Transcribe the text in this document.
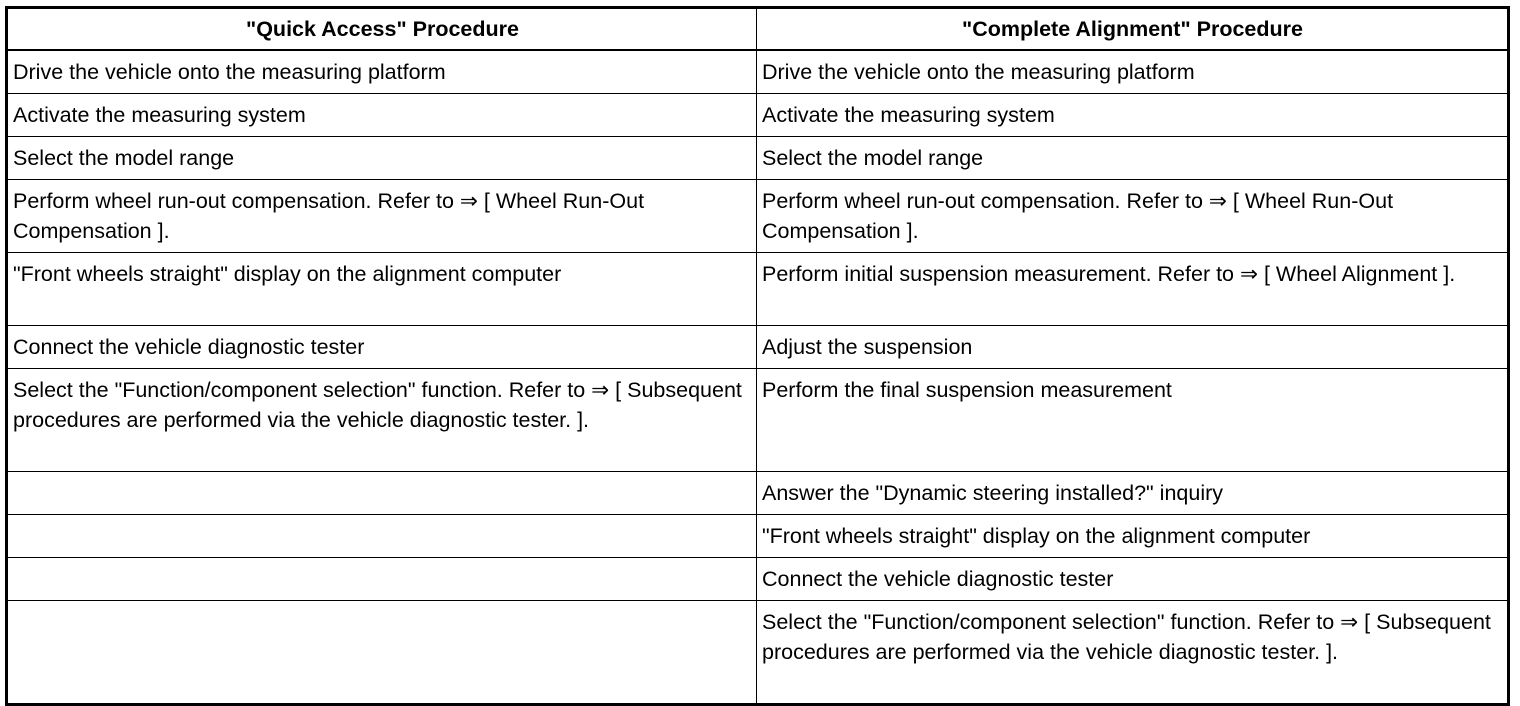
"Quick Access" Procedure	"Complete Alignment" Procedure
Drive the vehicle onto the measuring platform	Drive the vehicle onto the measuring platform
Activate the measuring system	Activate the measuring system
Select the model range	Select the model range
Perform wheel run-out compensation. Refer to ⇒ [ Wheel Run-Out Compensation ].	Perform wheel run-out compensation. Refer to ⇒ [ Wheel Run-Out Compensation ].
"Front wheels straight" display on the alignment computer	Perform initial suspension measurement. Refer to ⇒ [ Wheel Alignment ].
Connect the vehicle diagnostic tester	Adjust the suspension
Select the "Function/component selection" function. Refer to ⇒ [ Subsequent procedures are performed via the vehicle diagnostic tester. ].	Perform the final suspension measurement
	Answer the "Dynamic steering installed?" inquiry
	"Front wheels straight" display on the alignment computer
	Connect the vehicle diagnostic tester
	Select the "Function/component selection" function. Refer to ⇒ [ Subsequent procedures are performed via the vehicle diagnostic tester. ].
